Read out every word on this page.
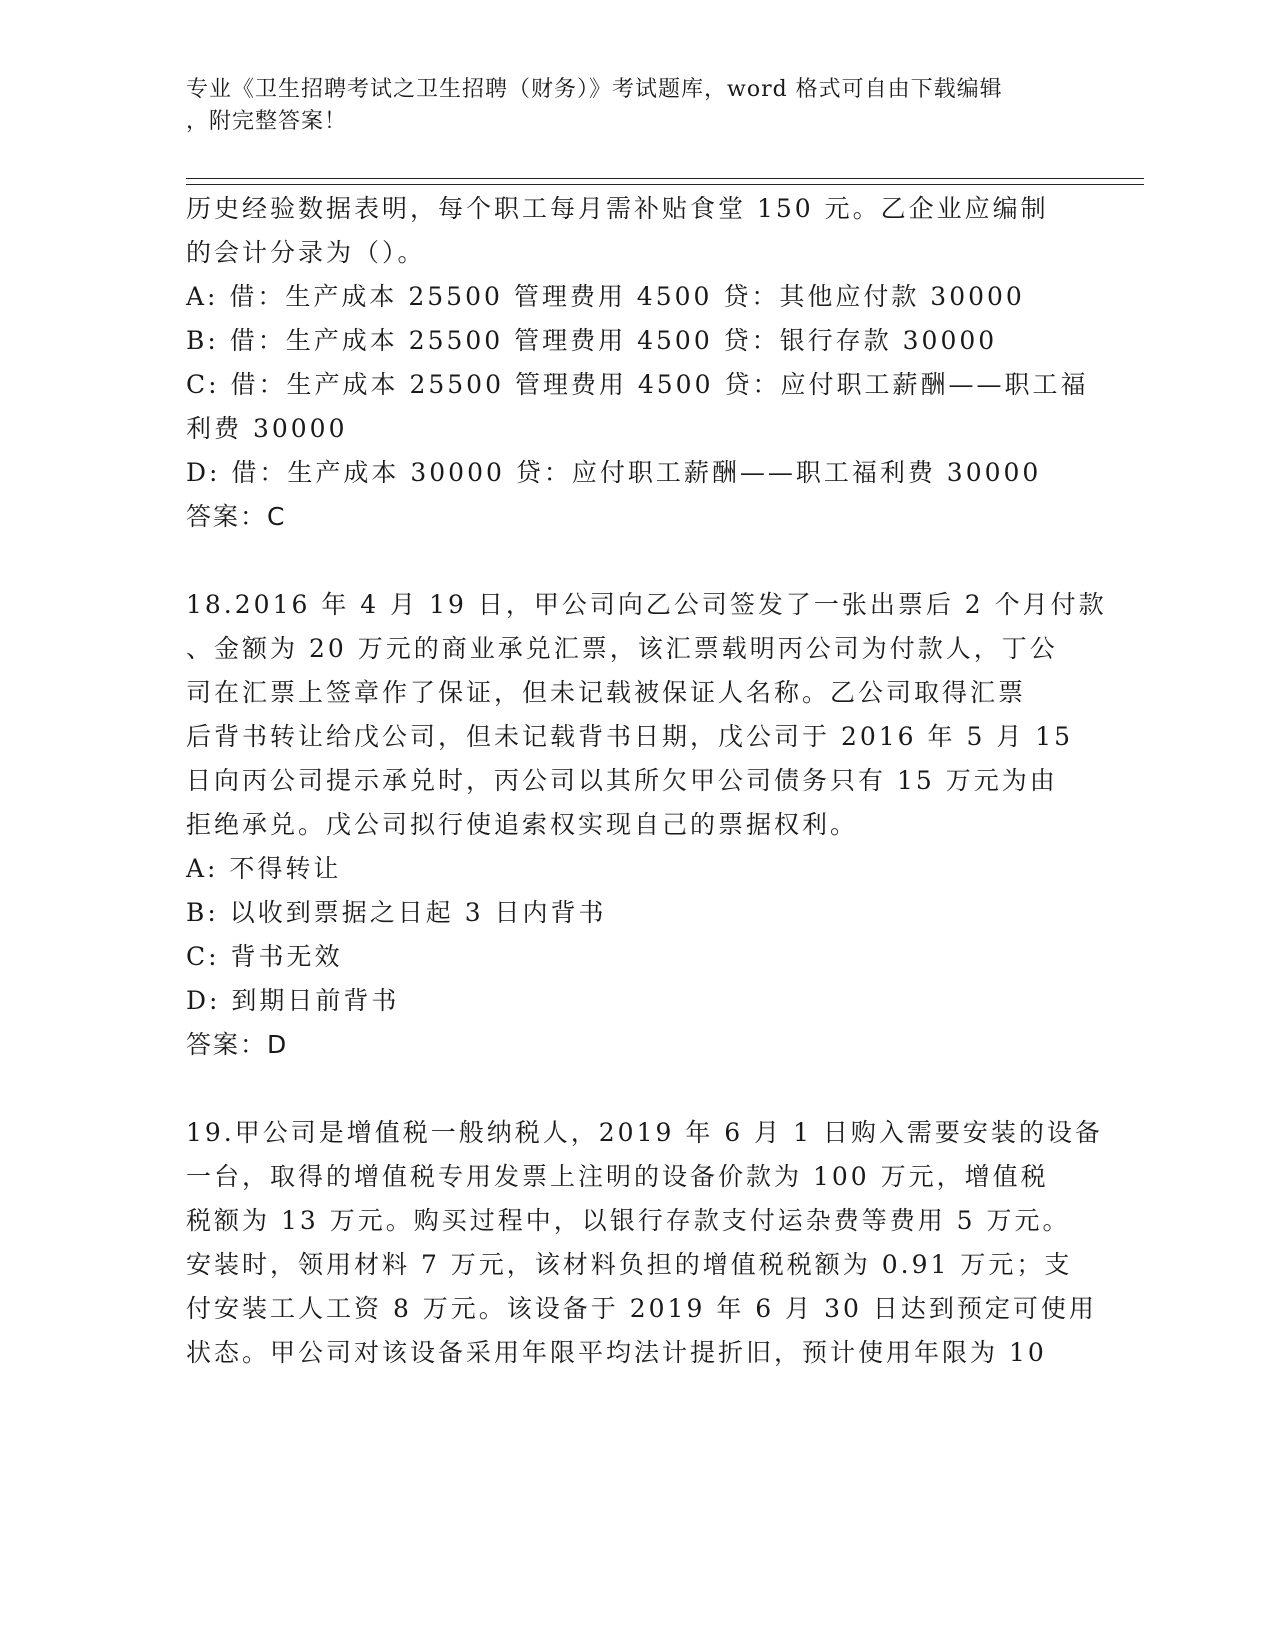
专业《卫生招聘考试之卫生招聘（财务）》考试题库，word 格式可自由下载编辑
，附完整答案！
历史经验数据表明，每个职工每月需补贴食堂 150 元。乙企业应编制
的会计分录为（）。
A: 借：生产成本 25500 管理费用 4500 贷：其他应付款 30000
B: 借：生产成本 25500 管理费用 4500 贷：银行存款 30000
C: 借：生产成本 25500 管理费用 4500 贷：应付职工薪酬——职工福
利费 30000
D: 借：生产成本 30000 贷：应付职工薪酬——职工福利费 30000
答案：C
18.2016 年 4 月 19 日，甲公司向乙公司签发了一张出票后 2 个月付款
、金额为 20 万元的商业承兑汇票，该汇票载明丙公司为付款人，丁公
司在汇票上签章作了保证，但未记载被保证人名称。乙公司取得汇票
后背书转让给戊公司，但未记载背书日期，戊公司于 2016 年 5 月 15
日向丙公司提示承兑时，丙公司以其所欠甲公司债务只有 15 万元为由
拒绝承兑。戊公司拟行使追索权实现自己的票据权利。
A: 不得转让
B: 以收到票据之日起 3 日内背书
C: 背书无效
D: 到期日前背书
答案：D
19.甲公司是增值税一般纳税人，2019 年 6 月 1 日购入需要安装的设备
一台，取得的增值税专用发票上注明的设备价款为 100 万元，增值税
税额为 13 万元。购买过程中，以银行存款支付运杂费等费用 5 万元。
安装时，领用材料 7 万元，该材料负担的增值税税额为 0.91 万元；支
付安装工人工资 8 万元。该设备于 2019 年 6 月 30 日达到预定可使用
状态。甲公司对该设备采用年限平均法计提折旧，预计使用年限为 10
